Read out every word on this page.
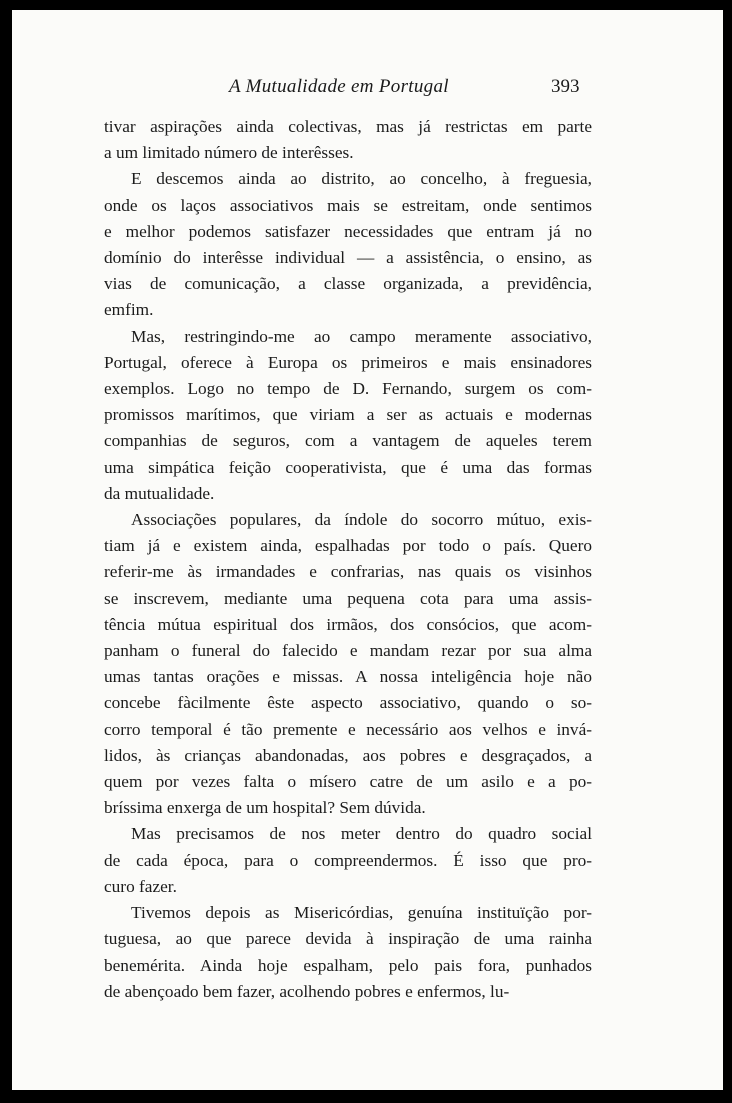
A Mutualidade em Portugal	393
tivar aspirações ainda colectivas, mas já restrictas em parte
a um limitado número de interêsses.
E descemos ainda ao distrito, ao concelho, à freguesia,
onde os laços associativos mais se estreitam, onde sentimos
e melhor podemos satisfazer necessidades que entram já no
domínio do interêsse individual — a assistência, o ensino, as
vias de comunicação, a classe organizada, a previdência,
emfim.
Mas, restringindo-me ao campo meramente associativo,
Portugal, oferece à Europa os primeiros e mais ensinadores
exemplos. Logo no tempo de D. Fernando, surgem os com-
promissos marítimos, que viriam a ser as actuais e modernas
companhias de seguros, com a vantagem de aqueles terem
uma simpática feição cooperativista, que é uma das formas
da mutualidade.
Associações populares, da índole do socorro mútuo, exis-
tiam já e existem ainda, espalhadas por todo o país. Quero
referir-me às irmandades e confrarias, nas quais os visinhos
se inscrevem, mediante uma pequena cota para uma assis-
tência mútua espiritual dos irmãos, dos consócios, que acom-
panham o funeral do falecido e mandam rezar por sua alma
umas tantas orações e missas. A nossa inteligência hoje não
concebe fàcilmente êste aspecto associativo, quando o so-
corro temporal é tão premente e necessário aos velhos e invá-
lidos, às crianças abandonadas, aos pobres e desgraçados, a
quem por vezes falta o mísero catre de um asilo e a po-
bríssima enxerga de um hospital? Sem dúvida.
Mas precisamos de nos meter dentro do quadro social
de cada época, para o compreendermos. É isso que pro-
curo fazer.
Tivemos depois as Misericórdias, genuína instituïção por-
tuguesa, ao que parece devida à inspiração de uma rainha
benemérita. Ainda hoje espalham, pelo pais fora, punhados
de abençoado bem fazer, acolhendo pobres e enfermos, lu-
